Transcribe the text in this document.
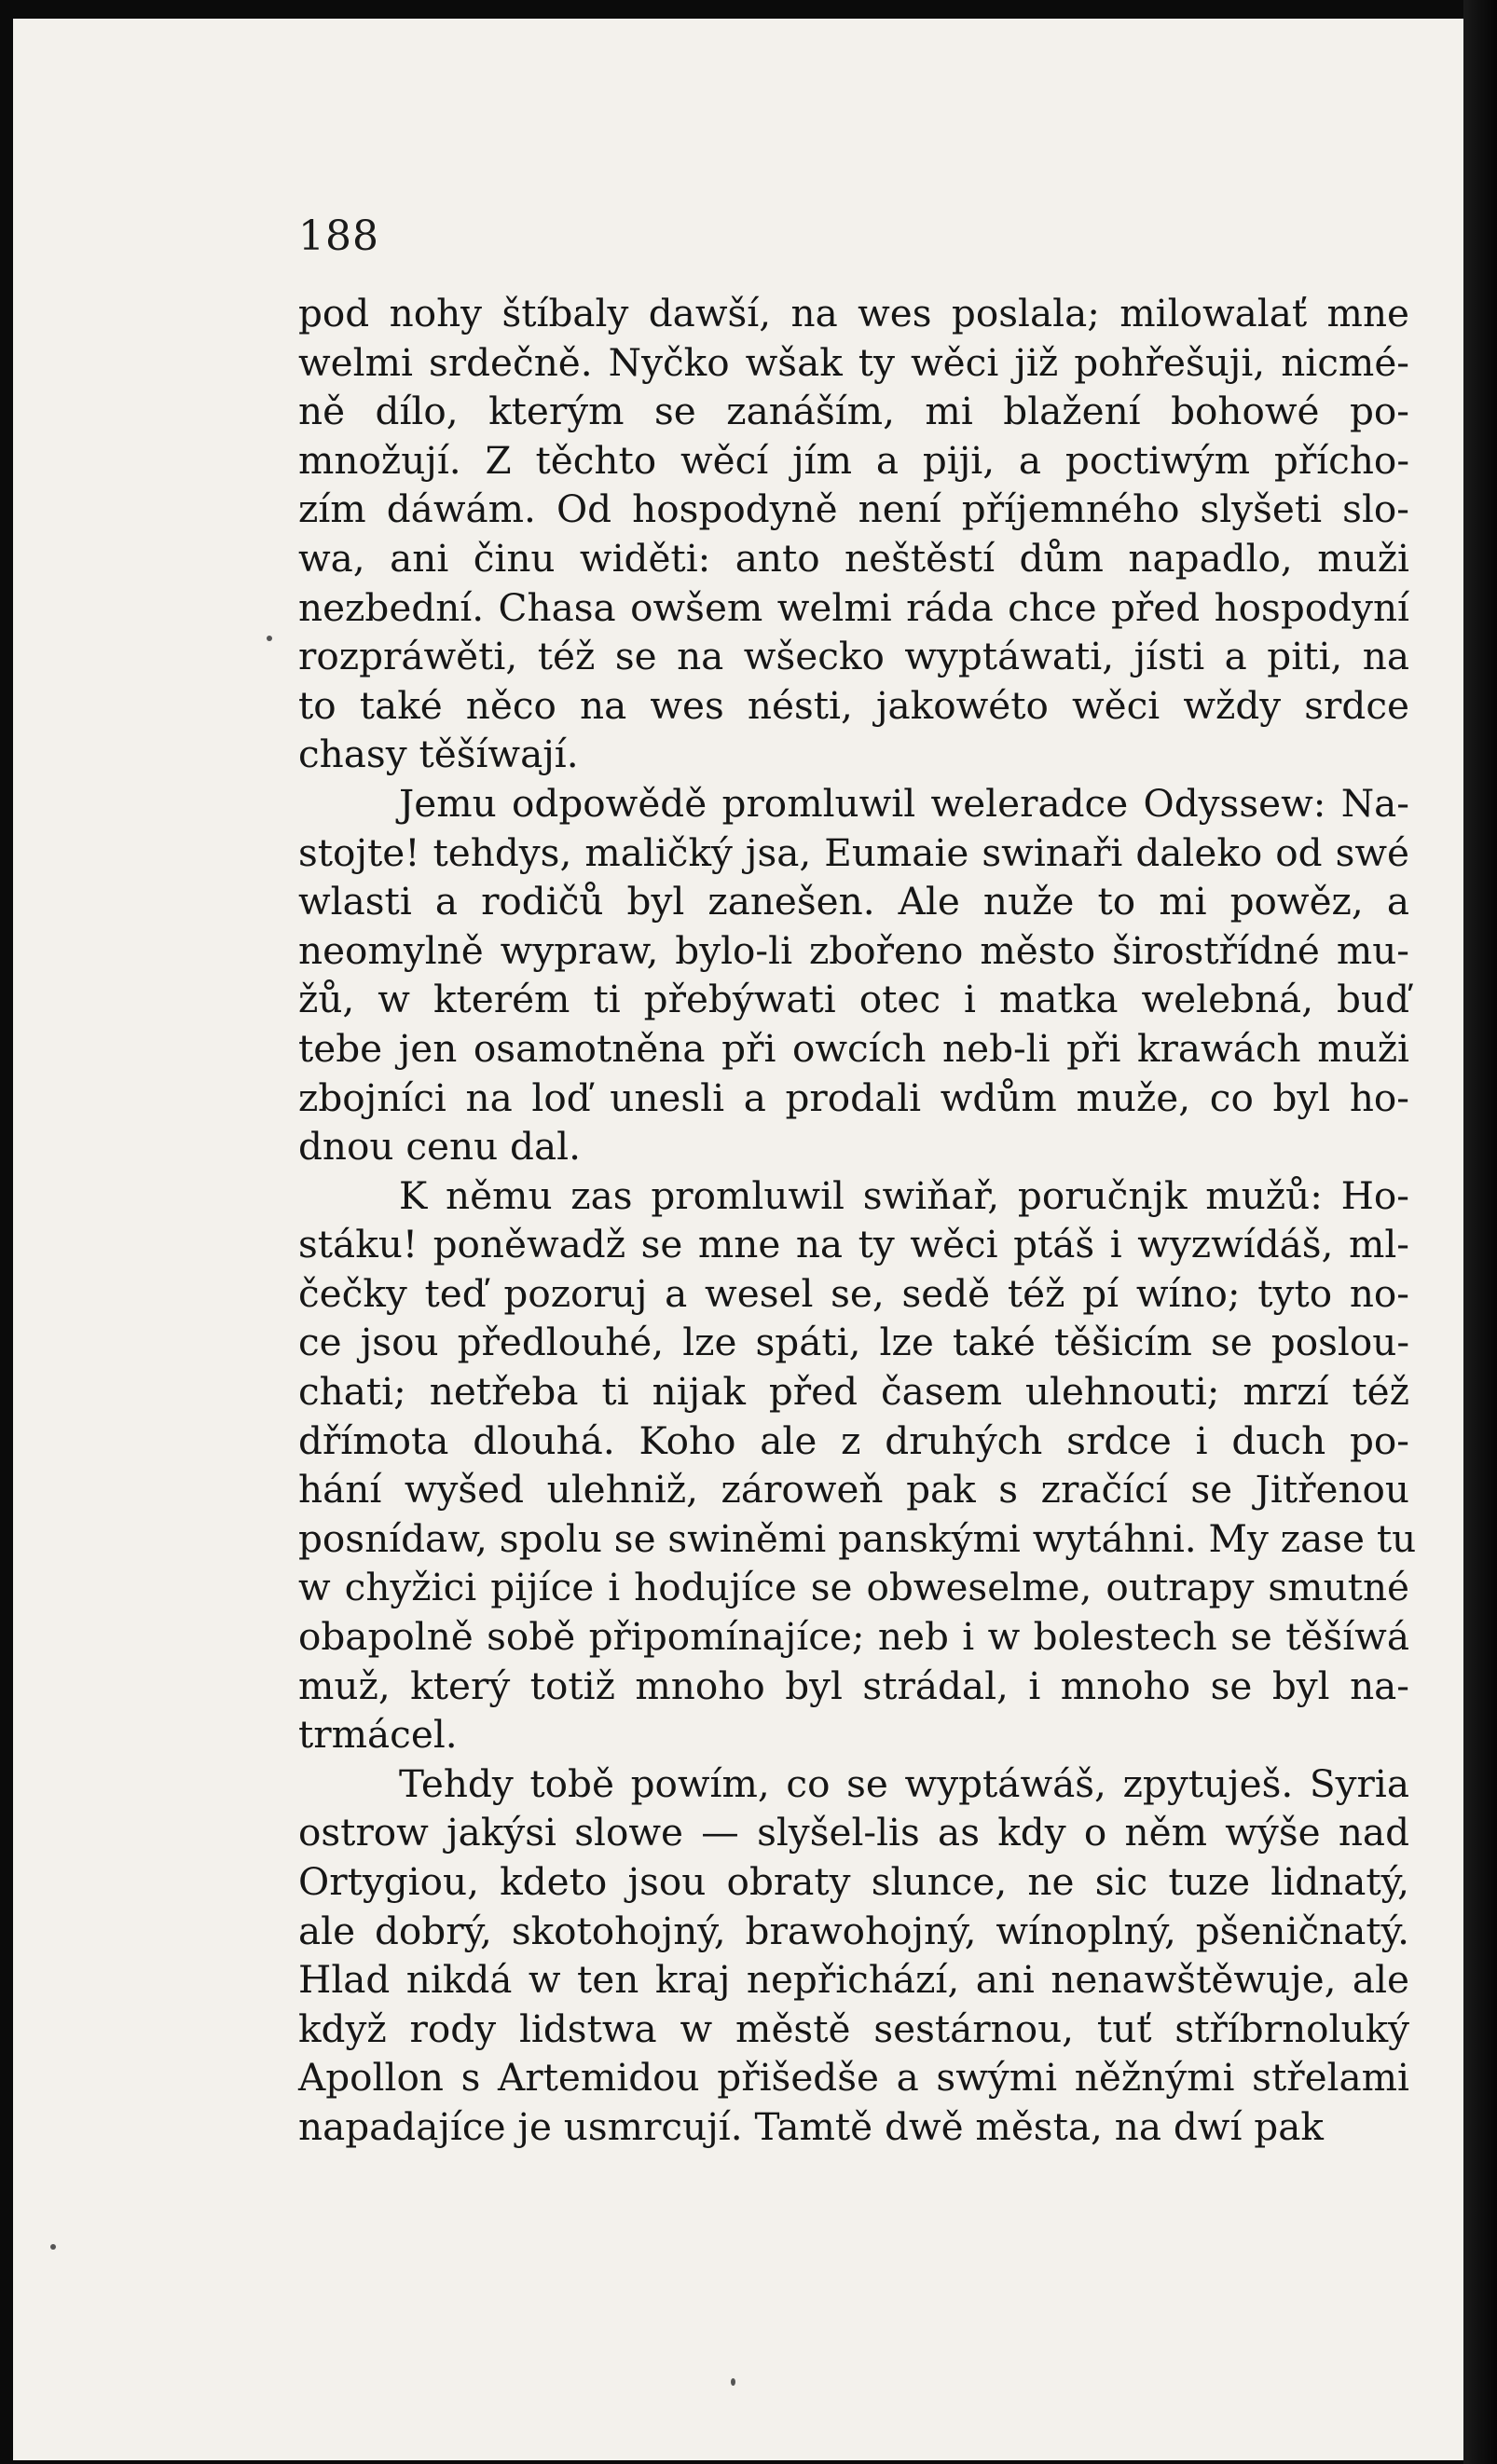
188

pod nohy štíbaly dawší, na wes poslala; milowalať mne
welmi srdečně. Nyčko wšak ty wěci již pohřešuji, nicmé-
ně dílo, kterým se zanáším, mi blažení bohowé po-
množují. Z těchto wěcí jím a piji, a poctiwým přícho-
zím dáwám. Od hospodyně není příjemného slyšeti slo-
wa, ani činu widěti: anto neštěstí dům napadlo, muži
nezbední. Chasa owšem welmi ráda chce před hospodyní
rozpráwěti, též se na wšecko wyptáwati, jísti a piti, na
to také něco na wes nésti, jakowéto wěci wždy srdce
chasy těšíwají.

Jemu odpowědě promluwil weleradce Odyssew: Na-
stojte! tehdys, maličký jsa, Eumaie swinaři daleko od swé
wlasti a rodičů byl zanešen. Ale nuže to mi powěz, a
neomylně wypraw, bylo-li zbořeno město širostřídné mu-
žů, w kterém ti přebýwati otec i matka welebná, buď
tebe jen osamotněna při owcích neb-li při krawách muži
zbojníci na loď unesli a prodali wdům muže, co byl ho-
dnou cenu dal.

K němu zas promluwil swiňař, poručnjk mužů: Ho-
stáku! poněwadž se mne na ty wěci ptáš i wyzwídáš, ml-
čečky teď pozoruj a wesel se, sedě též pí wíno; tyto no-
ce jsou předlouhé, lze spáti, lze také těšicím se poslou-
chati; netřeba ti nijak před časem ulehnouti; mrzí též
dřímota dlouhá. Koho ale z druhých srdce i duch po-
hání wyšed ulehniž, zároweň pak s zračící se Jitřenou
posnídaw, spolu se swiněmi panskými wytáhni. My zase tu
w chyžici pijíce i hodujíce se obweselme, outrapy smutné
obapolně sobě připomínajíce; neb i w bolestech se těšíwá
muž, který totiž mnoho byl strádal, i mnoho se byl na-
trmácel.

Tehdy tobě powím, co se wyptáwáš, zpytuješ. Syria
ostrow jakýsi slowe — slyšel-lis as kdy o něm wýše nad
Ortygiou, kdeto jsou obraty slunce, ne sic tuze lidnatý,
ale dobrý, skotohojný, brawohojný, wínoplný, pšeničnatý.
Hlad nikdá w ten kraj nepřichází, ani nenawštěwuje, ale
když rody lidstwa w městě sestárnou, tuť stříbrnoluký
Apollon s Artemidou přišedše a swými něžnými střelami
napadajíce je usmrcují. Tamtě dwě města, na dwí pak
